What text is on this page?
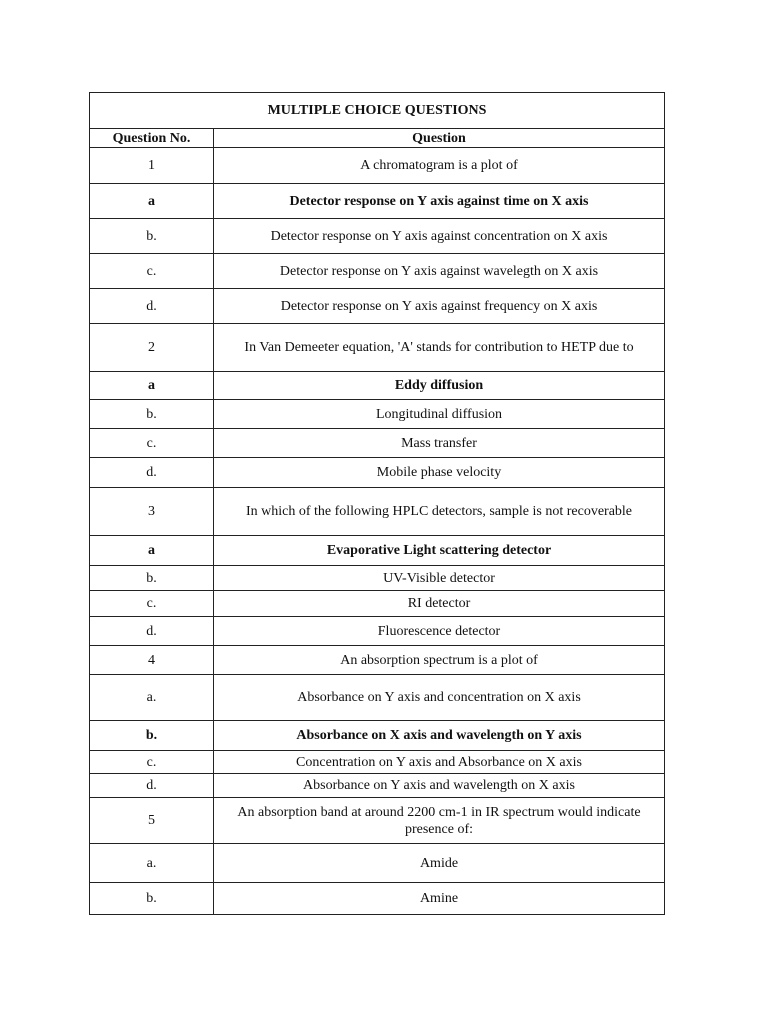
MULTIPLE CHOICE QUESTIONS	
Question No.	Question
1	A chromatogram is a plot of
a	Detector response on Y axis against time on X axis
b.	Detector response on Y axis against concentration on X axis
c.	Detector response on Y axis against wavelegth on X axis
d.	Detector response on Y axis against frequency on X axis
2	In Van Demeeter equation, 'A' stands for contribution to HETP due to
a	Eddy diffusion
b.	Longitudinal diffusion
c.	Mass transfer
d.	Mobile phase velocity
3	In which of the following HPLC detectors, sample is not recoverable
a	Evaporative Light scattering detector
b.	UV-Visible detector
c.	RI detector
d.	Fluorescence detector
4	An absorption spectrum is a plot of
a.	Absorbance on Y axis and concentration on X axis
b.	Absorbance on X axis and wavelength on Y axis
c.	Concentration on Y axis and Absorbance on X axis
d.	Absorbance on Y axis and wavelength on X axis
5	An absorption band at around 2200 cm-1 in IR spectrum would indicate presence of:
a.	Amide
b.	Amine
